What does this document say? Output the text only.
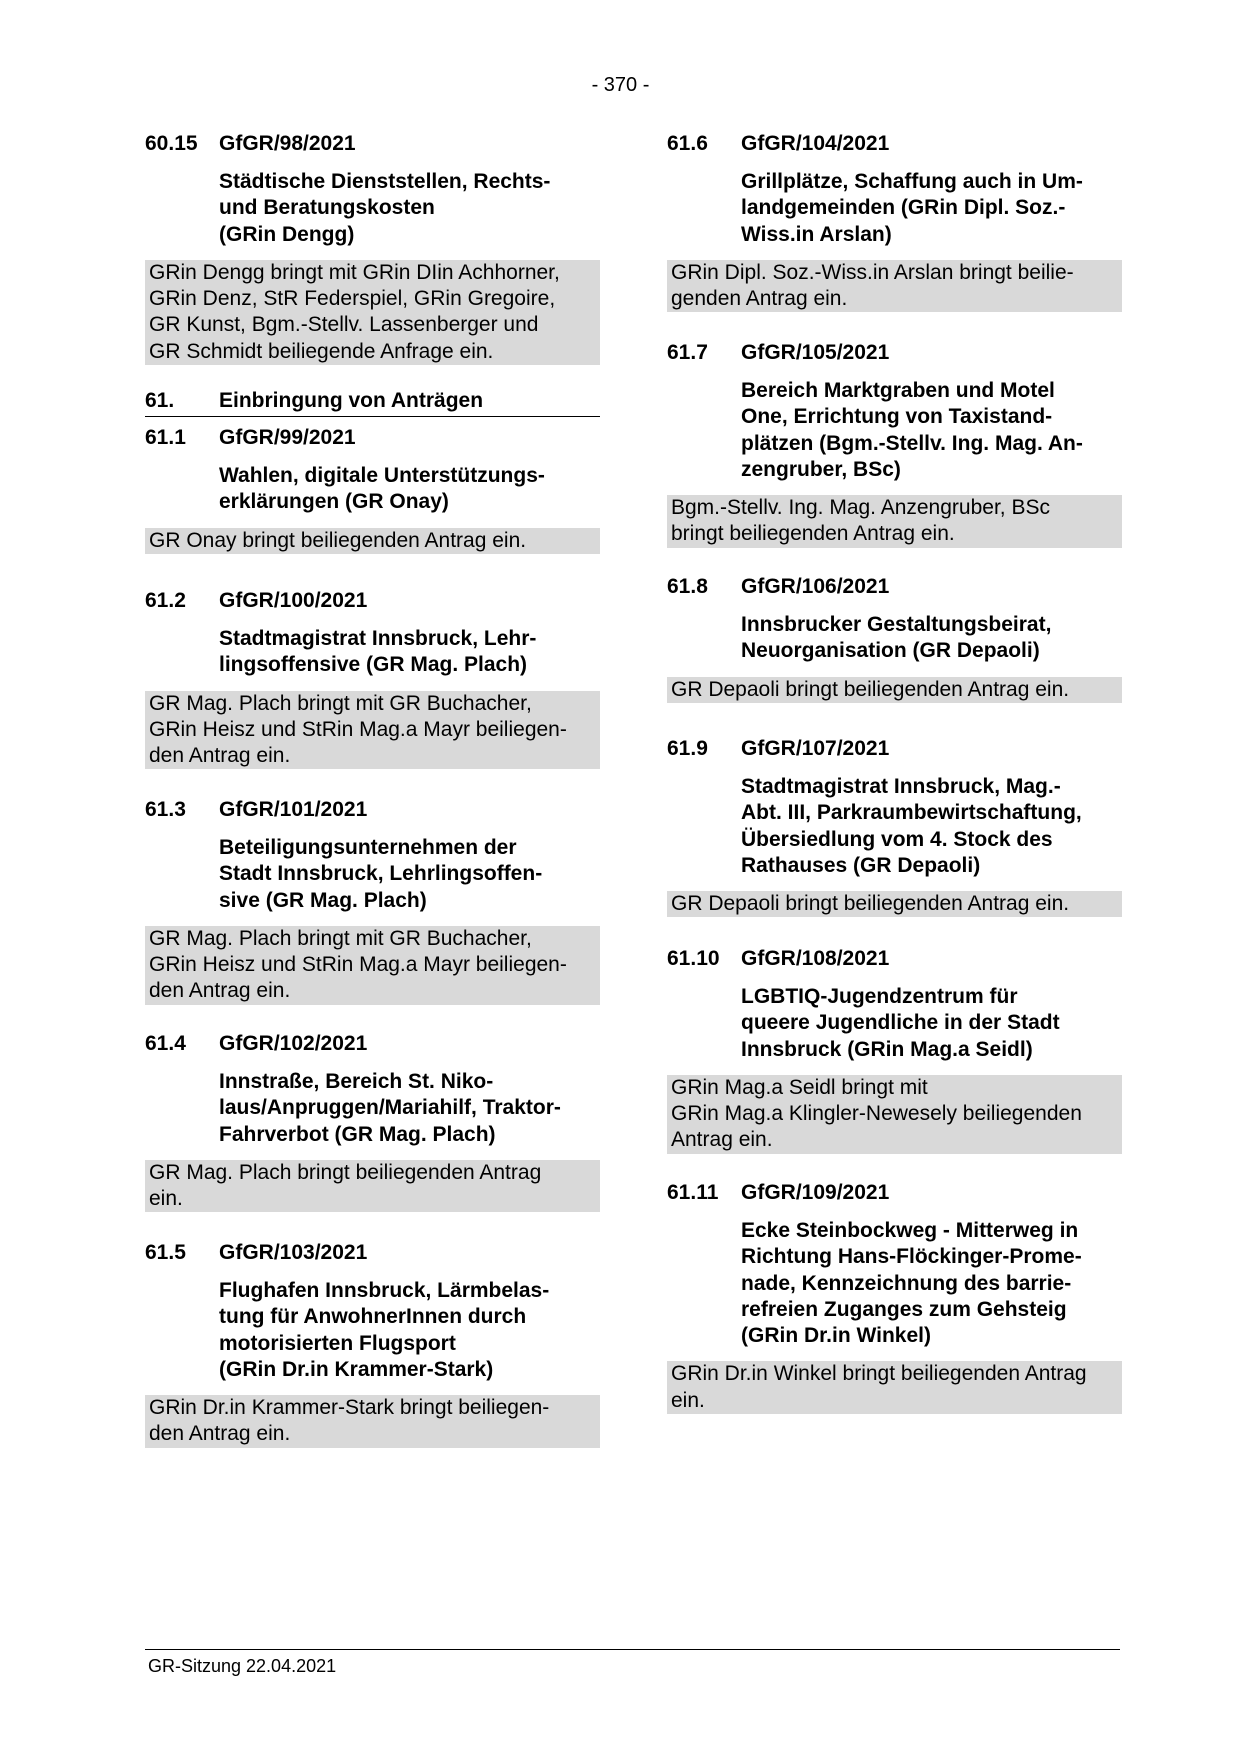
- 370 -
60.15	GfGR/98/2021
Städtische Dienststellen, Rechts-
und Beratungskosten
(GRin Dengg)
GRin Dengg bringt mit GRin DIin Achhorner,
GRin Denz, StR Federspiel, GRin Gregoire,
GR Kunst, Bgm.-Stellv. Lassenberger und
GR Schmidt beiliegende Anfrage ein.
61.	Einbringung von Anträgen
61.1	GfGR/99/2021
Wahlen, digitale Unterstützungs-
erklärungen (GR Onay)
GR Onay bringt beiliegenden Antrag ein.
61.2	GfGR/100/2021
Stadtmagistrat Innsbruck, Lehr-
lingsoffensive (GR Mag. Plach)
GR Mag. Plach bringt mit GR Buchacher,
GRin Heisz und StRin Mag.a Mayr beiliegen-
den Antrag ein.
61.3	GfGR/101/2021
Beteiligungsunternehmen der
Stadt Innsbruck, Lehrlingsoffen-
sive (GR Mag. Plach)
GR Mag. Plach bringt mit GR Buchacher,
GRin Heisz und StRin Mag.a Mayr beiliegen-
den Antrag ein.
61.4	GfGR/102/2021
Innstraße, Bereich St. Niko-
laus/Anpruggen/Mariahilf, Traktor-
Fahrverbot (GR Mag. Plach)
GR Mag. Plach bringt beiliegenden Antrag
ein.
61.5	GfGR/103/2021
Flughafen Innsbruck, Lärmbelas-
tung für AnwohnerInnen durch
motorisierten Flugsport
(GRin Dr.in Krammer-Stark)
GRin Dr.in Krammer-Stark bringt beiliegen-
den Antrag ein.
61.6	GfGR/104/2021
Grillplätze, Schaffung auch in Um-
landgemeinden (GRin Dipl. Soz.-
Wiss.in Arslan)
GRin Dipl. Soz.-Wiss.in Arslan bringt beilie-
genden Antrag ein.
61.7	GfGR/105/2021
Bereich Marktgraben und Motel
One, Errichtung von Taxistand-
plätzen (Bgm.-Stellv. Ing. Mag. An-
zengruber, BSc)
Bgm.-Stellv. Ing. Mag. Anzengruber, BSc
bringt beiliegenden Antrag ein.
61.8	GfGR/106/2021
Innsbrucker Gestaltungsbeirat,
Neuorganisation (GR Depaoli)
GR Depaoli bringt beiliegenden Antrag ein.
61.9	GfGR/107/2021
Stadtmagistrat Innsbruck, Mag.-
Abt. III, Parkraumbewirtschaftung,
Übersiedlung vom 4. Stock des
Rathauses (GR Depaoli)
GR Depaoli bringt beiliegenden Antrag ein.
61.10	GfGR/108/2021
LGBTIQ-Jugendzentrum für
queere Jugendliche in der Stadt
Innsbruck (GRin Mag.a Seidl)
GRin Mag.a Seidl bringt mit
GRin Mag.a Klingler-Newesely beiliegenden
Antrag ein.
61.11	GfGR/109/2021
Ecke Steinbockweg - Mitterweg in
Richtung Hans-Flöckinger-Prome-
nade, Kennzeichnung des barrie-
refreien Zuganges zum Gehsteig
(GRin Dr.in Winkel)
GRin Dr.in Winkel bringt beiliegenden Antrag
ein.
GR-Sitzung 22.04.2021
